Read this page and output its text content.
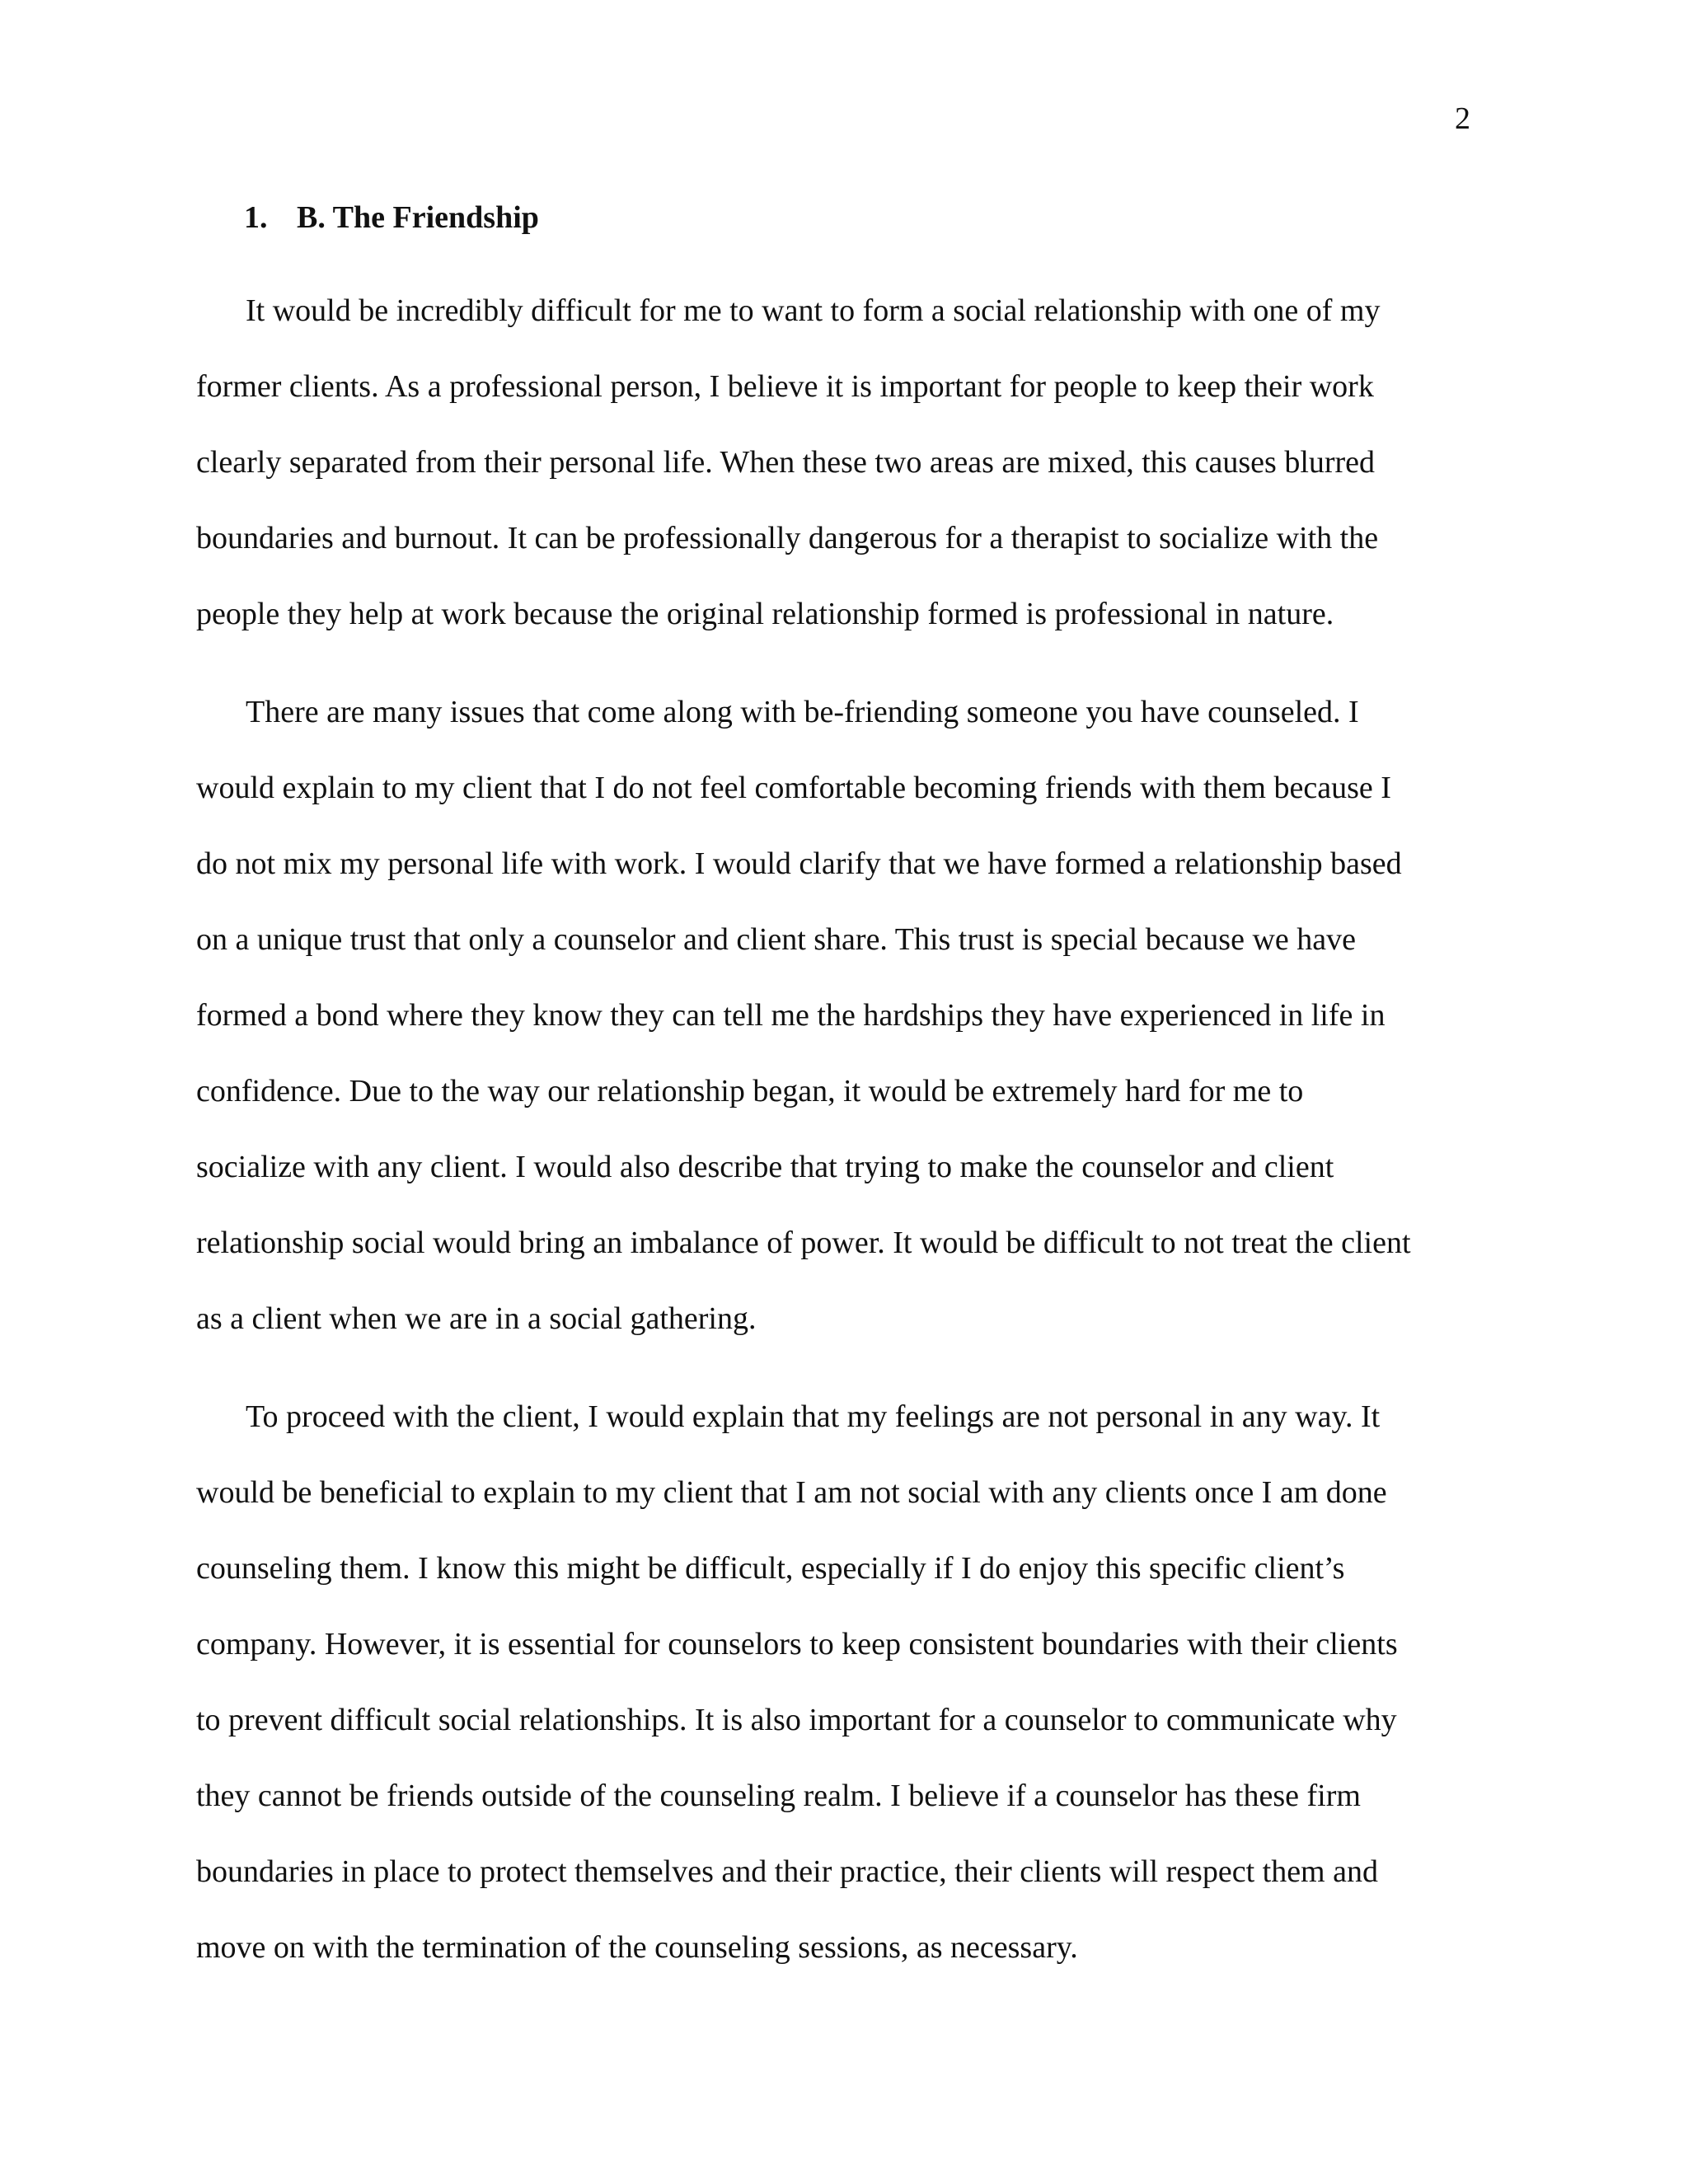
2
1. B. The Friendship
It would be incredibly difficult for me to want to form a social relationship with one of my
former clients. As a professional person, I believe it is important for people to keep their work
clearly separated from their personal life. When these two areas are mixed, this causes blurred
boundaries and burnout. It can be professionally dangerous for a therapist to socialize with the
people they help at work because the original relationship formed is professional in nature.
There are many issues that come along with be-friending someone you have counseled. I
would explain to my client that I do not feel comfortable becoming friends with them because I
do not mix my personal life with work. I would clarify that we have formed a relationship based
on a unique trust that only a counselor and client share. This trust is special because we have
formed a bond where they know they can tell me the hardships they have experienced in life in
confidence. Due to the way our relationship began, it would be extremely hard for me to
socialize with any client. I would also describe that trying to make the counselor and client
relationship social would bring an imbalance of power. It would be difficult to not treat the client
as a client when we are in a social gathering.
To proceed with the client, I would explain that my feelings are not personal in any way. It
would be beneficial to explain to my client that I am not social with any clients once I am done
counseling them. I know this might be difficult, especially if I do enjoy this specific client’s
company. However, it is essential for counselors to keep consistent boundaries with their clients
to prevent difficult social relationships. It is also important for a counselor to communicate why
they cannot be friends outside of the counseling realm. I believe if a counselor has these firm
boundaries in place to protect themselves and their practice, their clients will respect them and
move on with the termination of the counseling sessions, as necessary.
